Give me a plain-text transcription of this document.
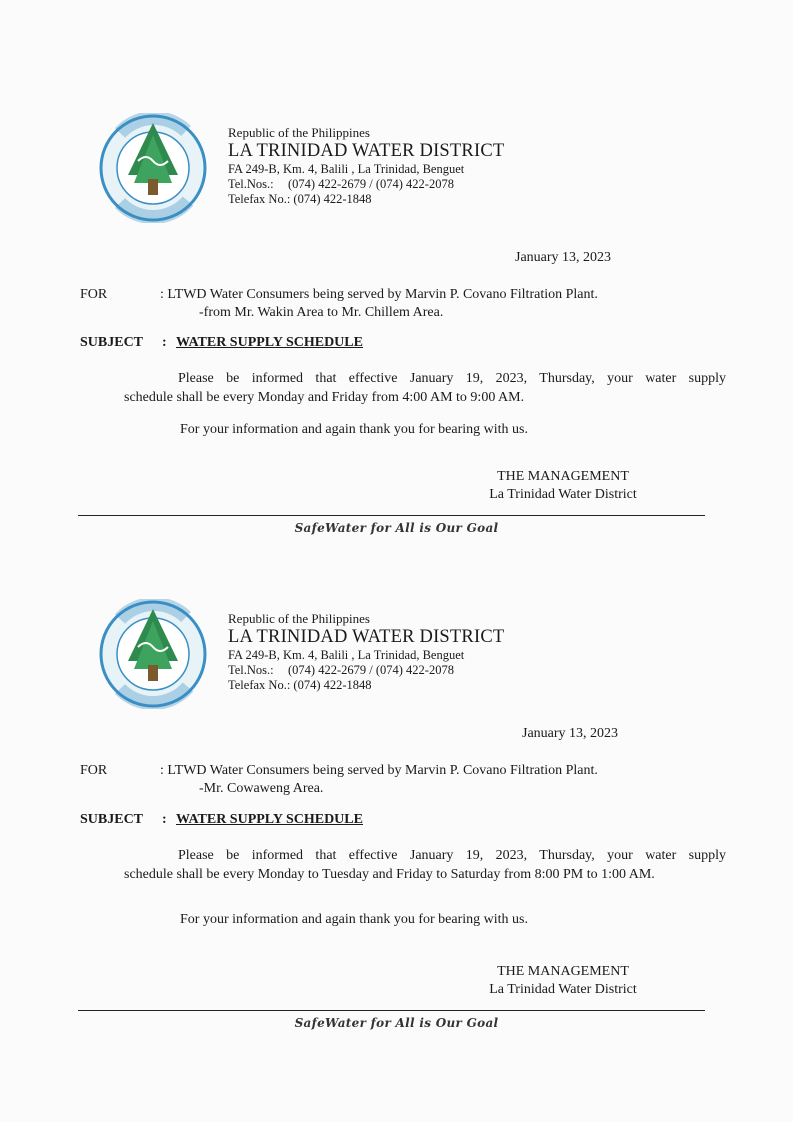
Republic of the Philippines
LA TRINIDAD WATER DISTRICT
FA 249-B, Km. 4, Balili , La Trinidad, Benguet
Tel.Nos.: (074) 422-2679 / (074) 422-2078
Telefax No.: (074) 422-1848
January 13, 2023
FOR	: LTWD Water Consumers being served by Marvin P. Covano Filtration Plant.
-from Mr. Wakin Area to Mr. Chillem Area.
SUBJECT : WATER SUPPLY SCHEDULE
Please be informed that effective January 19, 2023, Thursday, your water supply
schedule shall be every Monday and Friday from 4:00 AM to 9:00 AM.
For your information and again thank you for bearing with us.
THE MANAGEMENT
La Trinidad Water District
SafeWater for All is Our Goal
Republic of the Philippines
LA TRINIDAD WATER DISTRICT
FA 249-B, Km. 4, Balili , La Trinidad, Benguet
Tel.Nos.: (074) 422-2679 / (074) 422-2078
Telefax No.: (074) 422-1848
January 13, 2023
FOR	: LTWD Water Consumers being served by Marvin P. Covano Filtration Plant.
-Mr. Cowaweng Area.
SUBJECT : WATER SUPPLY SCHEDULE
Please be informed that effective January 19, 2023, Thursday, your water supply
schedule shall be every Monday to Tuesday and Friday to Saturday from 8:00 PM to 1:00 AM.
For your information and again thank you for bearing with us.
THE MANAGEMENT
La Trinidad Water District
SafeWater for All is Our Goal
